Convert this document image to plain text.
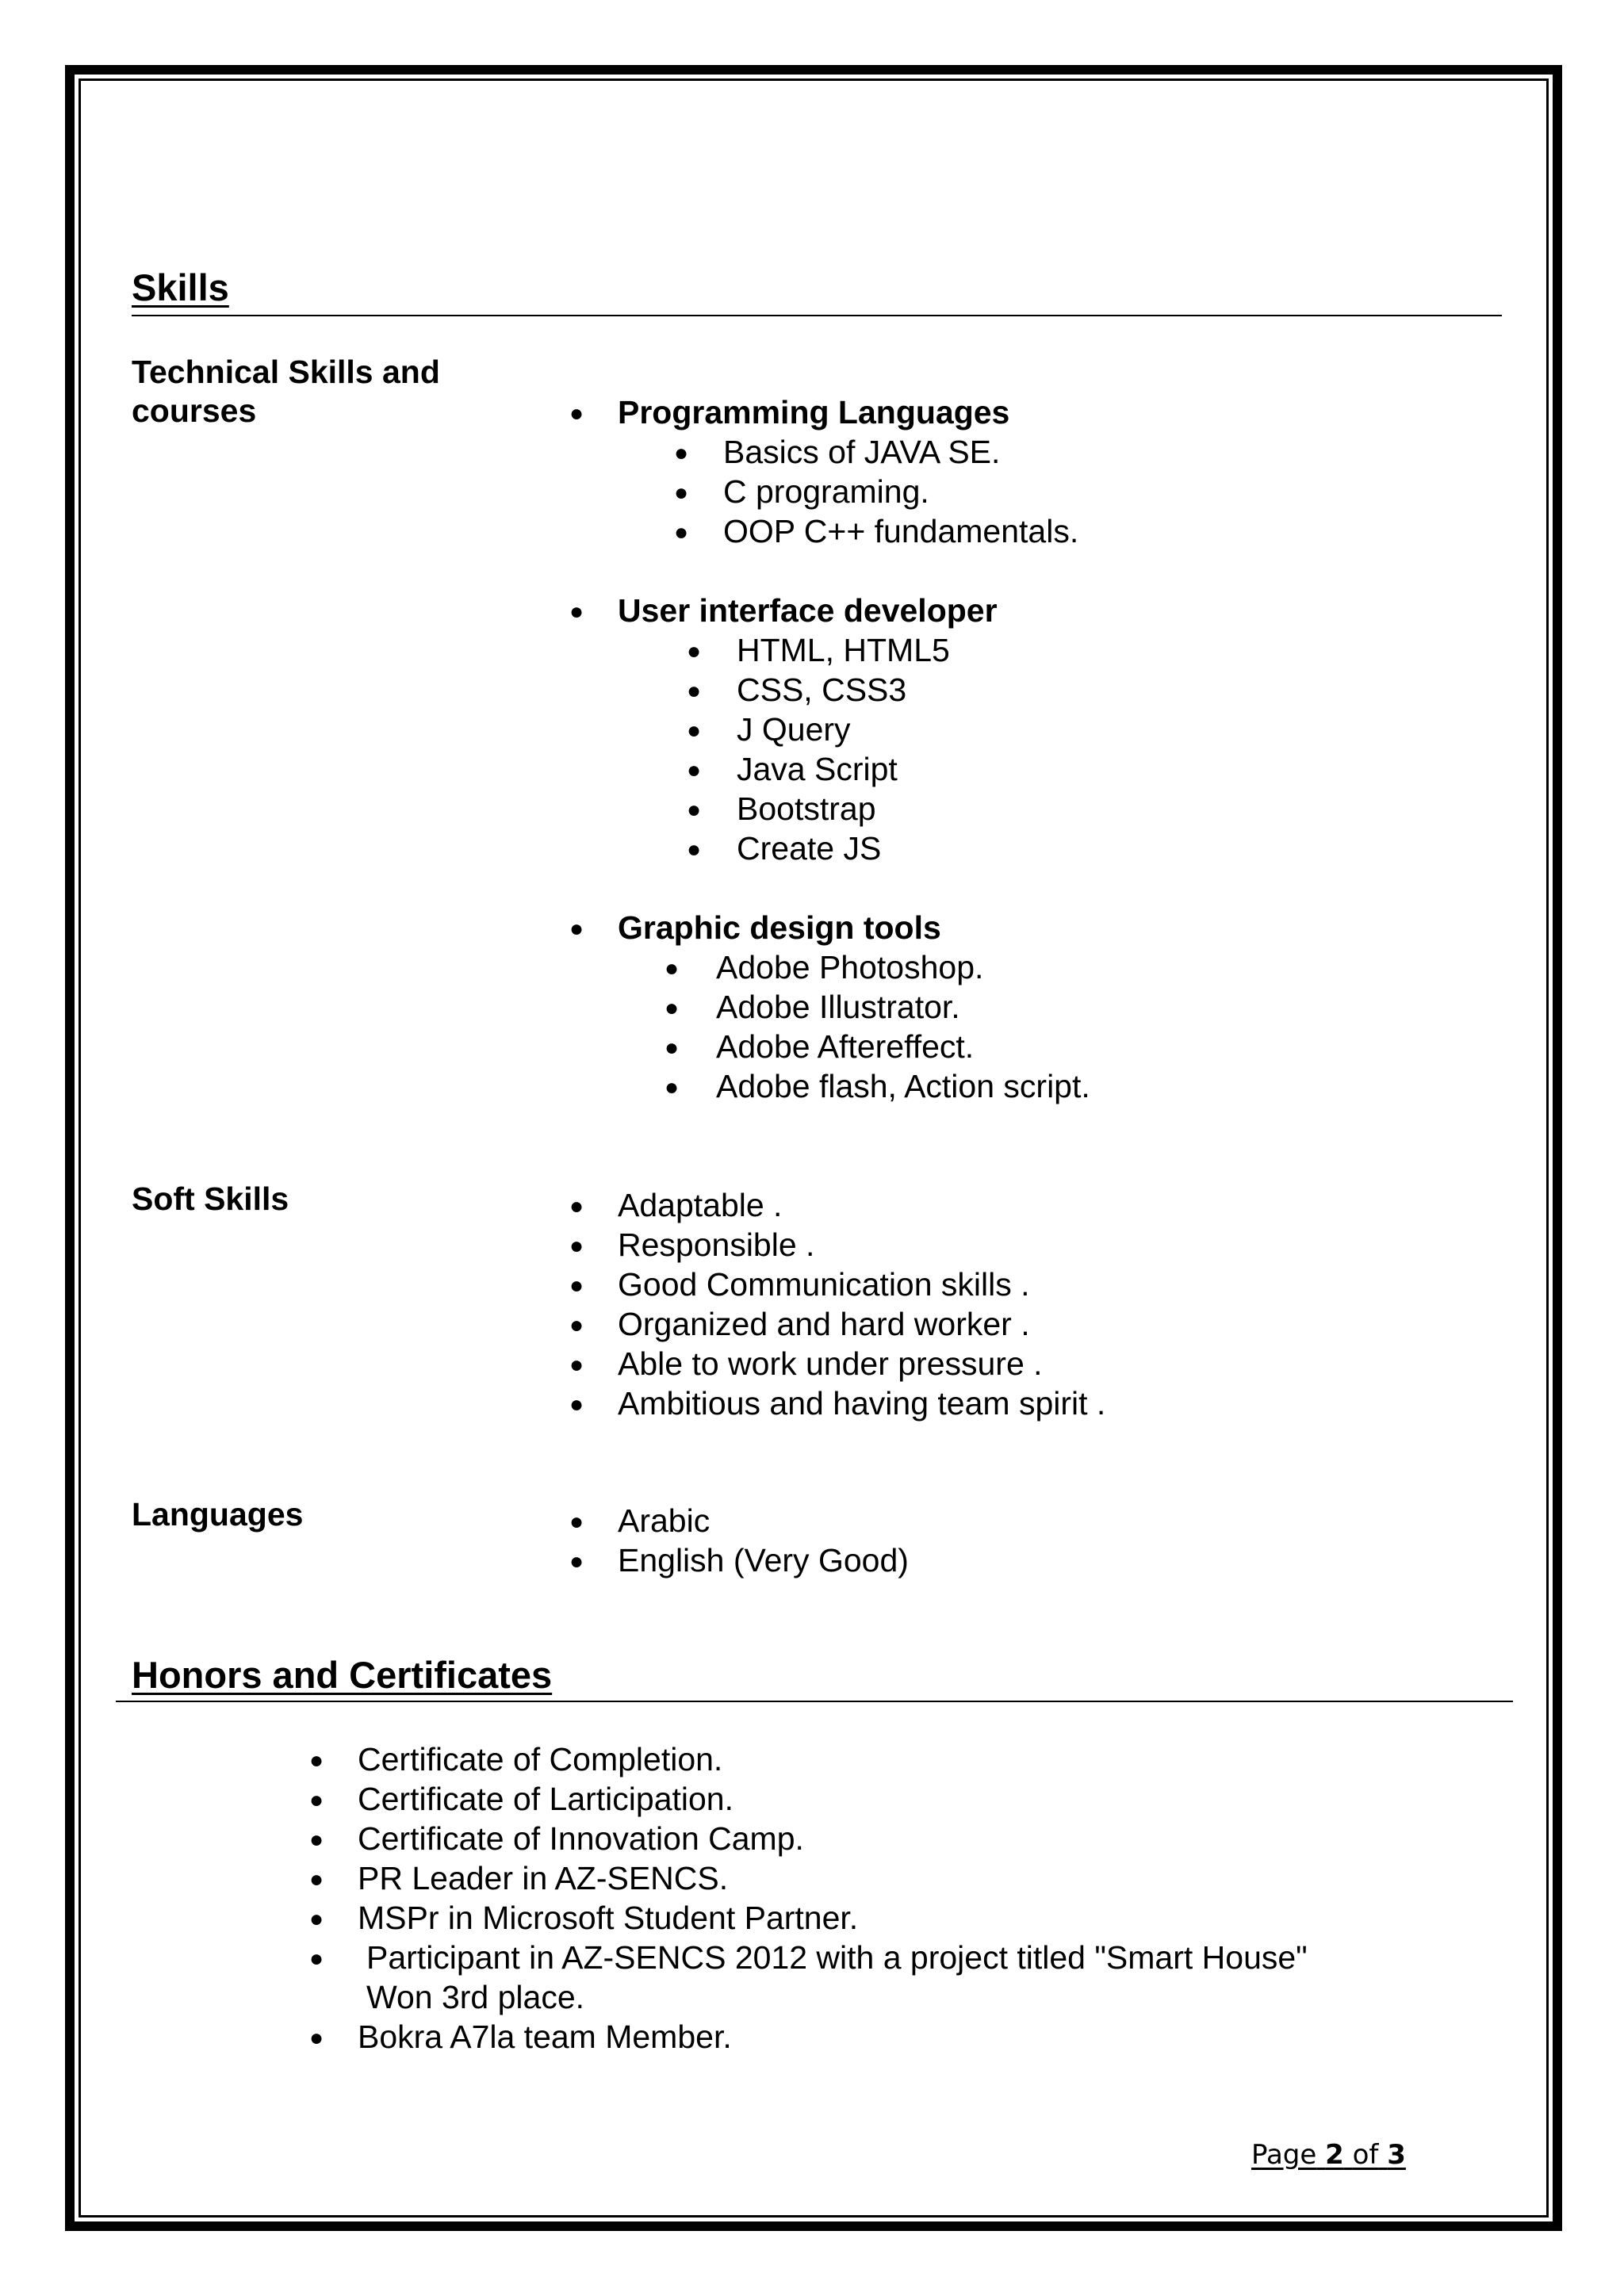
Skills
Technical Skills and courses	● Programming Languages
● Basics of JAVA SE.
● C programing.
● OOP C++ fundamentals.
● User interface developer
● HTML, HTML5
● CSS, CSS3
● J Query
● Java Script
● Bootstrap
● Create JS
● Graphic design tools
● Adobe Photoshop.
● Adobe Illustrator.
● Adobe Aftereffect.
● Adobe flash, Action script.
Soft Skills	● Adaptable .
● Responsible .
● Good Communication skills .
● Organized and hard worker .
● Able to work under pressure .
● Ambitious and having team spirit .
Languages	● Arabic
● English (Very Good)
Honors and Certificates
● Certificate of Completion.
● Certificate of Larticipation.
● Certificate of Innovation Camp.
● PR Leader in AZ-SENCS.
● MSPr in Microsoft Student Partner.
● Participant in AZ-SENCS 2012 with a project titled "Smart House"
Won 3rd place.
● Bokra A7la team Member.
Page 2 of 3
